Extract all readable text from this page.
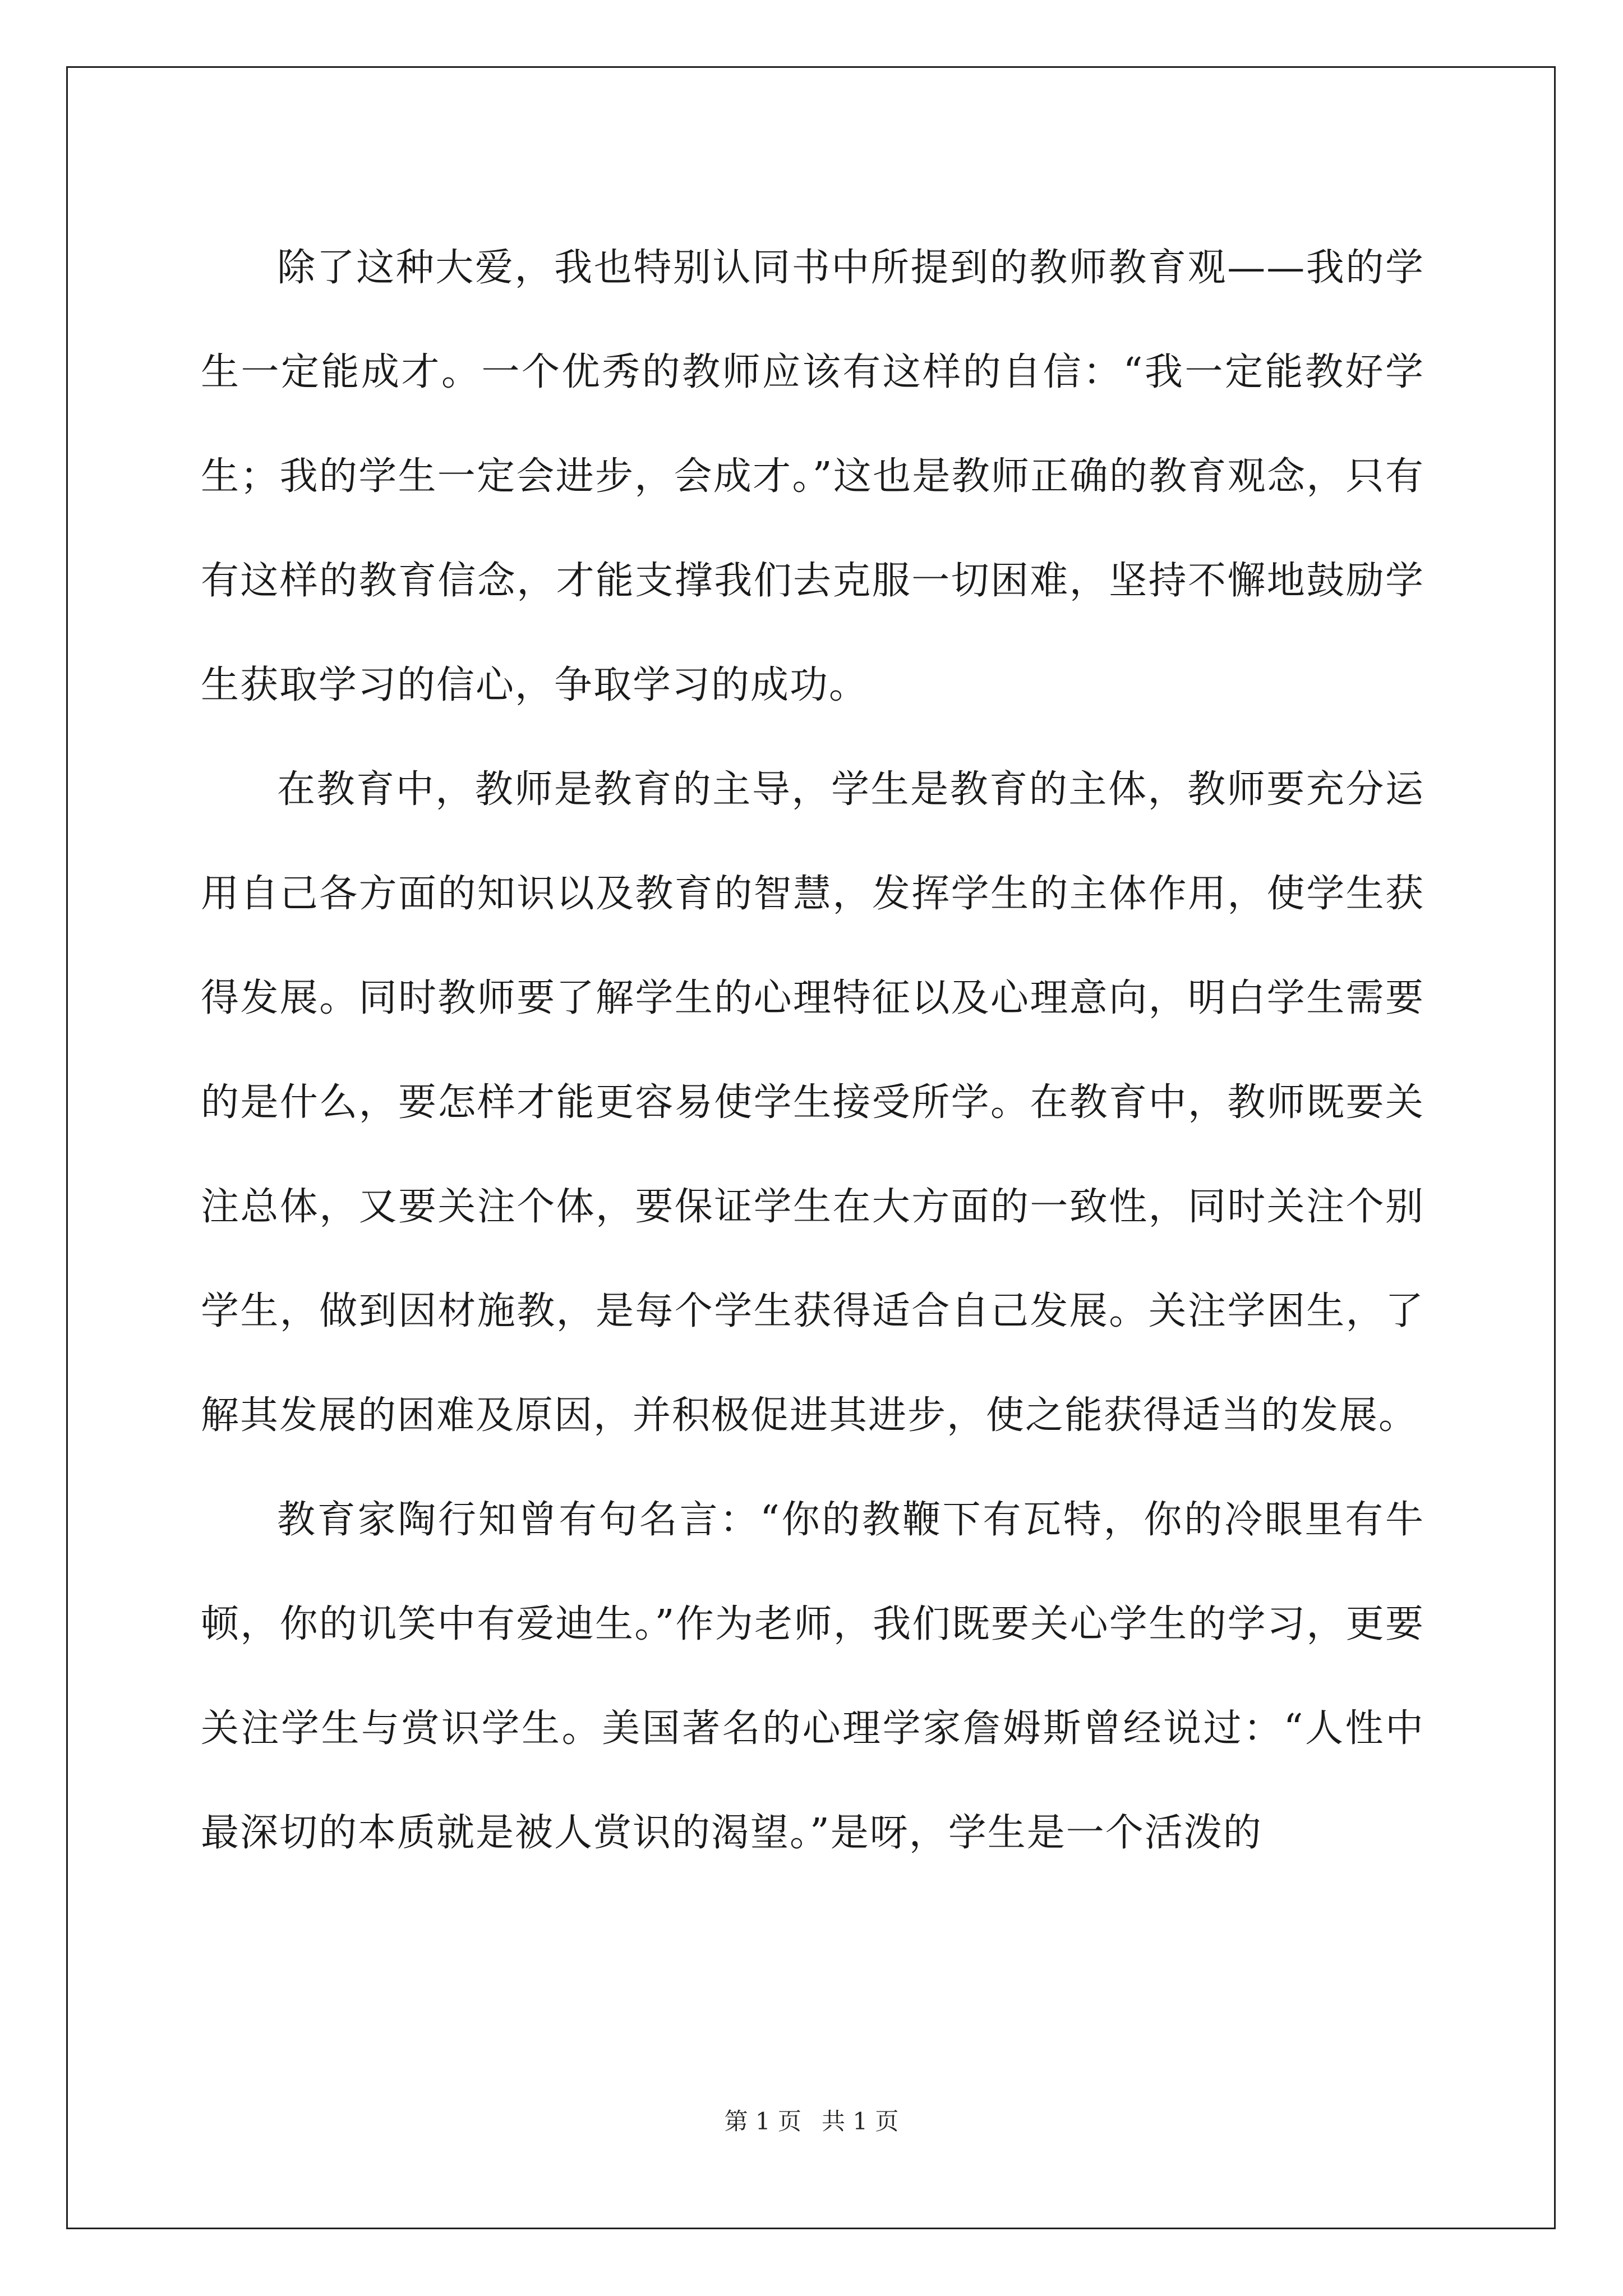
除了这种大爱，我也特别认同书中所提到的教师教育观——我的学生一定能成才。一个优秀的教师应该有这样的自信：“我一定能教好学生；我的学生一定会进步，会成才。”这也是教师正确的教育观念，只有有这样的教育信念，才能支撑我们去克服一切困难，坚持不懈地鼓励学生获取学习的信心，争取学习的成功。

在教育中，教师是教育的主导，学生是教育的主体，教师要充分运用自己各方面的知识以及教育的智慧，发挥学生的主体作用，使学生获得发展。同时教师要了解学生的心理特征以及心理意向，明白学生需要的是什么，要怎样才能更容易使学生接受所学。在教育中，教师既要关注总体，又要关注个体，要保证学生在大方面的一致性，同时关注个别学生，做到因材施教，是每个学生获得适合自己发展。关注学困生，了解其发展的困难及原因，并积极促进其进步，使之能获得适当的发展。

教育家陶行知曾有句名言：“你的教鞭下有瓦特，你的冷眼里有牛顿，你的讥笑中有爱迪生。”作为老师，我们既要关心学生的学习，更要关注学生与赏识学生。美国著名的心理学家詹姆斯曾经说过：“人性中最深切的本质就是被人赏识的渴望。”是呀，学生是一个活泼的

第 1 页 共 1 页
